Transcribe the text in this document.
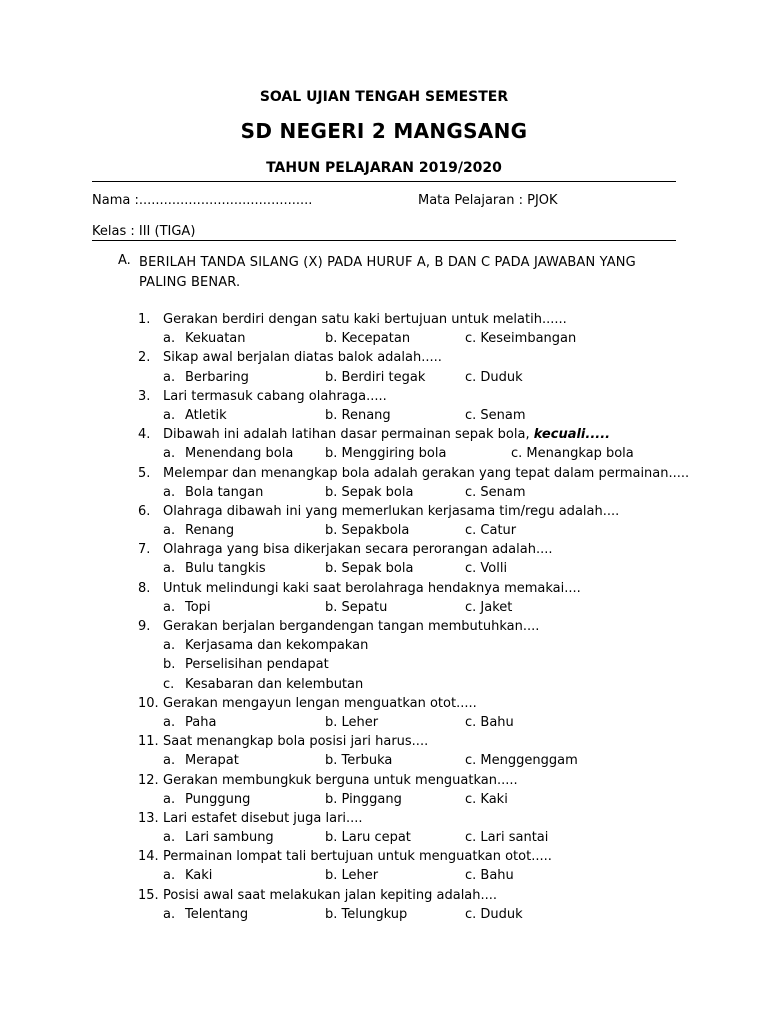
SOAL UJIAN TENGAH SEMESTER
SD NEGERI 2 MANGSANG
TAHUN PELAJARAN 2019/2020
Nama :..........................................	Mata Pelajaran : PJOK
Kelas : III (TIGA)
A. BERILAH TANDA SILANG (X) PADA HURUF A, B DAN C PADA JAWABAN YANG PALING BENAR.
1. Gerakan berdiri dengan satu kaki bertujuan untuk melatih......
a. Kekuatan	b. Kecepatan	c. Keseimbangan
2. Sikap awal berjalan diatas balok adalah.....
a. Berbaring	b. Berdiri tegak	c. Duduk
3. Lari termasuk cabang olahraga.....
a. Atletik	b. Renang	c. Senam
4. Dibawah ini adalah latihan dasar permainan sepak bola, kecuali.....
a. Menendang bola b. Menggiring bola	c. Menangkap bola
5. Melempar dan menangkap bola adalah gerakan yang tepat dalam permainan.....
a. Bola tangan	b. Sepak bola	c. Senam
6. Olahraga dibawah ini yang memerlukan kerjasama tim/regu adalah....
a. Renang	b. Sepakbola	c. Catur
7. Olahraga yang bisa dikerjakan secara perorangan adalah....
a. Bulu tangkis	b. Sepak bola	c. Volli
8. Untuk melindungi kaki saat berolahraga hendaknya memakai....
a. Topi	b. Sepatu	c. Jaket
9. Gerakan berjalan bergandengan tangan membutuhkan....
a. Kerjasama dan kekompakan
b. Perselisihan pendapat
c. Kesabaran dan kelembutan
10. Gerakan mengayun lengan menguatkan otot.....
a. Paha	b. Leher	c. Bahu
11. Saat menangkap bola posisi jari harus....
a. Merapat	b. Terbuka	c. Menggenggam
12. Gerakan membungkuk berguna untuk menguatkan.....
a. Punggung	b. Pinggang	c. Kaki
13. Lari estafet disebut juga lari....
a. Lari sambung	b. Laru cepat	c. Lari santai
14. Permainan lompat tali bertujuan untuk menguatkan otot.....
a. Kaki	b. Leher	c. Bahu
15. Posisi awal saat melakukan jalan kepiting adalah....
a. Telentang	b. Telungkup	c. Duduk
